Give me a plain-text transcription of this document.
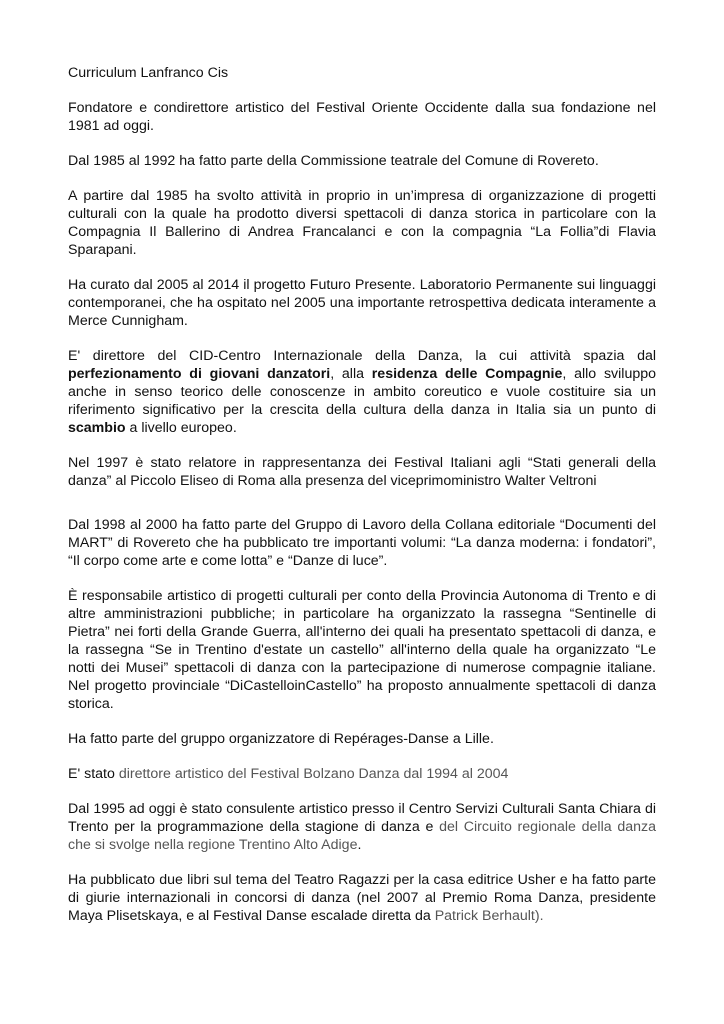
Curriculum Lanfranco Cis

Fondatore e condirettore artistico del Festival Oriente Occidente dalla sua fondazione nel 1981 ad oggi.

Dal 1985 al 1992 ha fatto parte della Commissione teatrale del Comune di Rovereto.

A partire dal 1985 ha svolto attività in proprio in un’impresa di organizzazione di progetti culturali con la quale ha prodotto diversi spettacoli di danza storica in particolare con la Compagnia Il Ballerino di Andrea Francalanci e con la compagnia “La Follia”di Flavia Sparapani.

Ha curato dal 2005 al 2014 il progetto Futuro Presente. Laboratorio Permanente sui linguaggi contemporanei, che ha ospitato nel 2005 una importante retrospettiva dedicata interamente a Merce Cunnigham.

E' direttore del CID-Centro Internazionale della Danza, la cui attività spazia dal perfezionamento di giovani danzatori, alla residenza delle Compagnie, allo sviluppo anche in senso teorico delle conoscenze in ambito coreutico e vuole costituire sia un riferimento significativo per la crescita della cultura della danza in Italia sia un punto di scambio a livello europeo.

Nel 1997 è stato relatore in rappresentanza dei Festival Italiani agli “Stati generali della danza” al Piccolo Eliseo di Roma alla presenza del viceprimoministro Walter Veltroni

Dal 1998 al 2000 ha fatto parte del Gruppo di Lavoro della Collana editoriale “Documenti del MART” di Rovereto che ha pubblicato tre importanti volumi: “La danza moderna: i fondatori”, “Il corpo come arte e come lotta” e “Danze di luce”.

È responsabile artistico di progetti culturali per conto della Provincia Autonoma di Trento e di altre amministrazioni pubbliche; in particolare ha organizzato la rassegna “Sentinelle di Pietra” nei forti della Grande Guerra, all'interno dei quali ha presentato spettacoli di danza, e la rassegna “Se in Trentino d'estate un castello” all'interno della quale ha organizzato “Le notti dei Musei” spettacoli di danza con la partecipazione di numerose compagnie italiane. Nel progetto provinciale “DiCastelloinCastello” ha proposto annualmente spettacoli di danza storica.

Ha fatto parte del gruppo organizzatore di Repérages-Danse a Lille.

E' stato direttore artistico del Festival Bolzano Danza dal 1994 al 2004

Dal 1995 ad oggi è stato consulente artistico presso il Centro Servizi Culturali Santa Chiara di Trento per la programmazione della stagione di danza e del Circuito regionale della danza che si svolge nella regione Trentino Alto Adige.

Ha pubblicato due libri sul tema del Teatro Ragazzi per la casa editrice Usher e ha fatto parte di giurie internazionali in concorsi di danza (nel 2007 al Premio Roma Danza, presidente Maya Plisetskaya, e al Festival Danse escalade diretta da Patrick Berhault).
